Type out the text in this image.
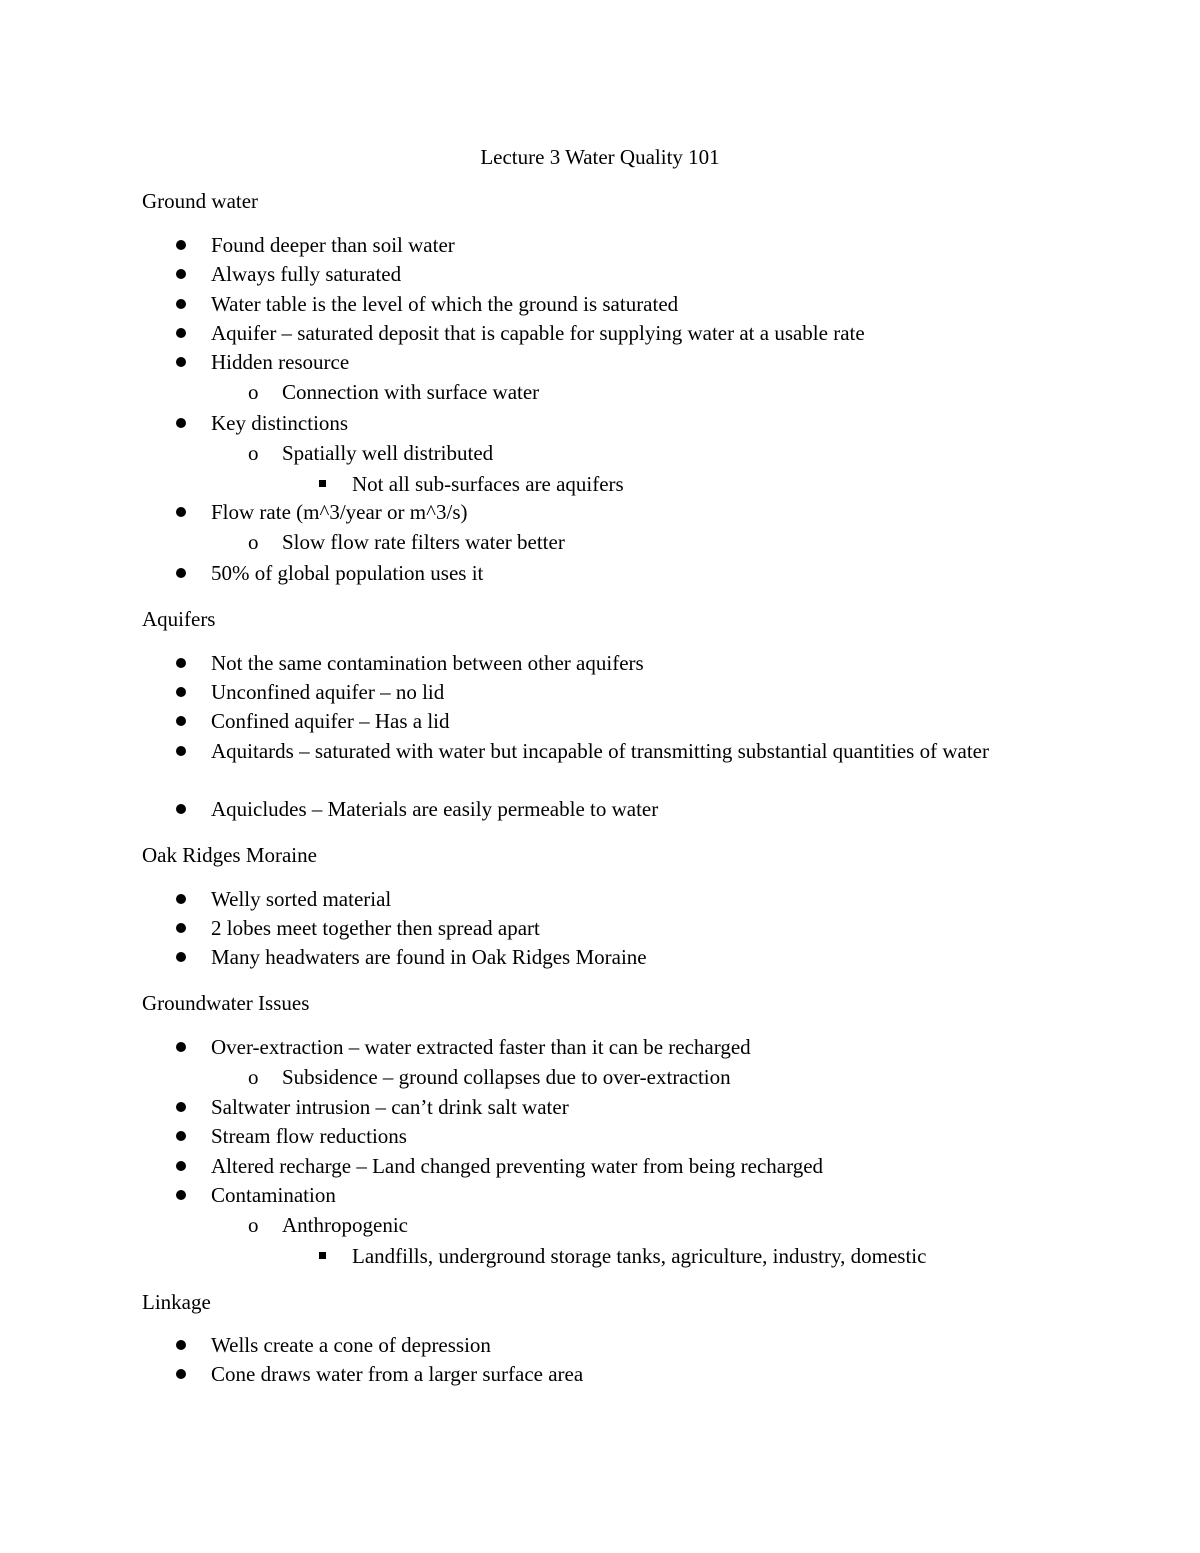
Lecture 3 Water Quality 101
Ground water
Found deeper than soil water
Always fully saturated
Water table is the level of which the ground is saturated
Aquifer – saturated deposit that is capable for supplying water at a usable rate
Hidden resource
o Connection with surface water
Key distinctions
o Spatially well distributed
Not all sub-surfaces are aquifers
Flow rate (m^3/year or m^3/s)
o Slow flow rate filters water better
50% of global population uses it
Aquifers
Not the same contamination between other aquifers
Unconfined aquifer – no lid
Confined aquifer – Has a lid
Aquitards – saturated with water but incapable of transmitting substantial quantities of water
Aquicludes – Materials are easily permeable to water
Oak Ridges Moraine
Welly sorted material
2 lobes meet together then spread apart
Many headwaters are found in Oak Ridges Moraine
Groundwater Issues
Over-extraction – water extracted faster than it can be recharged
o Subsidence – ground collapses due to over-extraction
Saltwater intrusion – can’t drink salt water
Stream flow reductions
Altered recharge – Land changed preventing water from being recharged
Contamination
o Anthropogenic
Landfills, underground storage tanks, agriculture, industry, domestic
Linkage
Wells create a cone of depression
Cone draws water from a larger surface area
